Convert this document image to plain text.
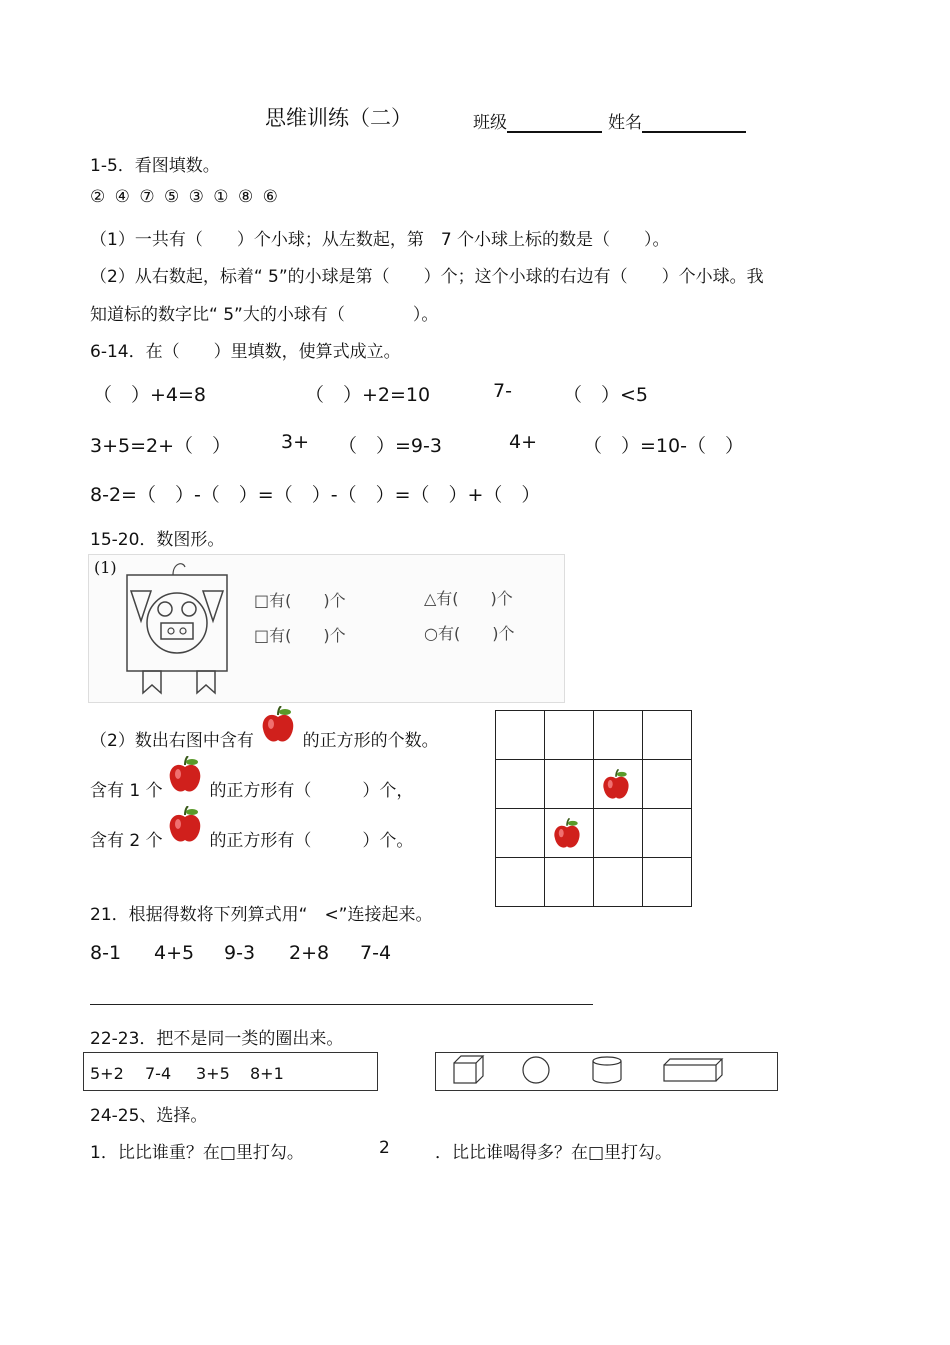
思维训练（二）	班级	姓名
1-5．看图填数。
② ④ ⑦ ⑤ ③ ① ⑧ ⑥
（1）一共有（　　）个小球；从左数起，第　7 个小球上标的数是（　　）。
（2）从右数起，标着“ 5”的小球是第（　　）个；这个小球的右边有（　　）个小球。我
知道标的数字比“ 5”大的小球有（　　　　）。
6-14．在（　　）里填数，使算式成立。
（　）+4=8	（　）+2=10	7-	（　）<5
3+5=2+（　）	3+ （　）=9-3	4+ （　）=10-（　）
8-2=（　）-（　）=（　）-（　）=（　）+（　）
15-20．数图形。
(1)
□有(　　)个	△有(　　)个
□有(　　)个	○有(　　)个
（2）数出右图中含有	的正方形的个数。
含有 1 个	的正方形有（　　　）个，
含有 2 个	的正方形有（　　　）个。

21．根据得数将下列算式用“　<”连接起来。
8-1 4+5 9-3 2+8 7-4
22-23．把不是同一类的圈出来。
5+2 7-4 3+5 8+1
24-25、选择。
1．比比谁重？在□里打勾。	2	．比比谁喝得多？在□里打勾。
